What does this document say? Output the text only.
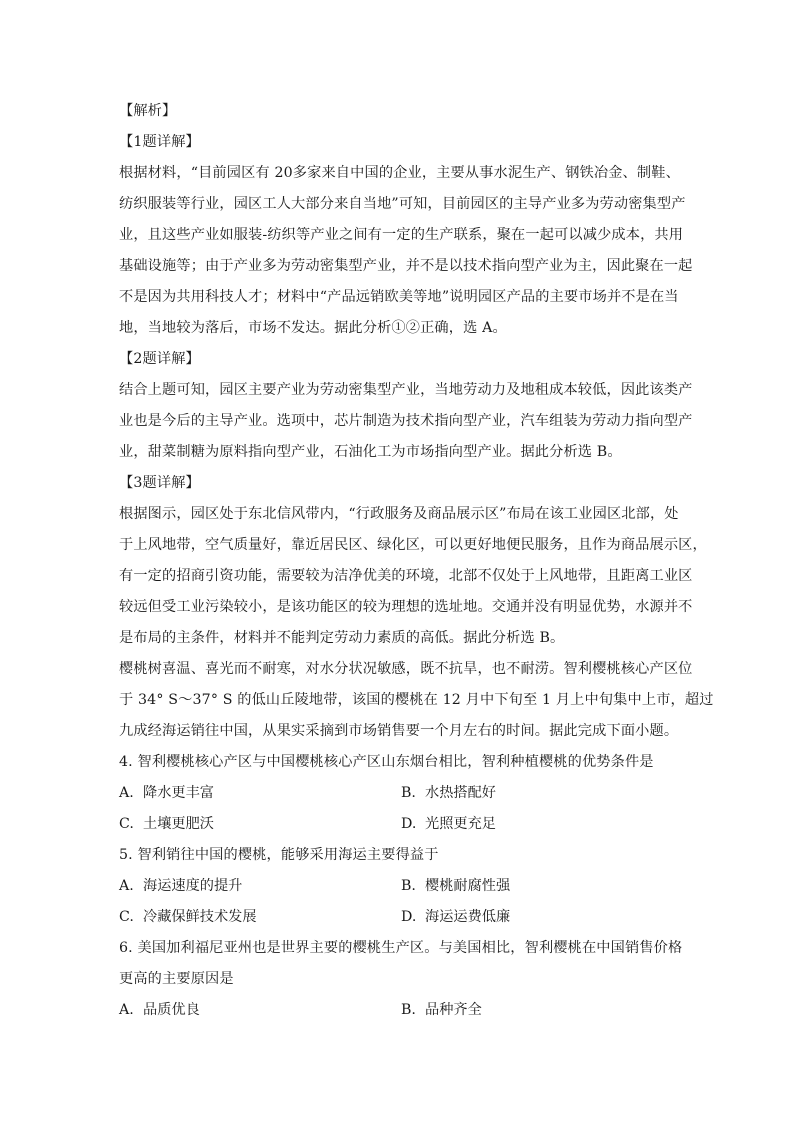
【解析】
【1题详解】
根据材料，“目前园区有 20多家来自中国的企业，主要从事水泥生产、钢铁冶金、制鞋、
纺织服装等行业，园区工人大部分来自当地”可知，目前园区的主导产业多为劳动密集型产
业，且这些产业如服装-纺织等产业之间有一定的生产联系，聚在一起可以减少成本，共用
基础设施等；由于产业多为劳动密集型产业，并不是以技术指向型产业为主，因此聚在一起
不是因为共用科技人才；材料中“产品远销欧美等地”说明园区产品的主要市场并不是在当
地，当地较为落后，市场不发达。据此分析①②正确，选 A。
【2题详解】
结合上题可知，园区主要产业为劳动密集型产业，当地劳动力及地租成本较低，因此该类产
业也是今后的主导产业。选项中，芯片制造为技术指向型产业，汽车组装为劳动力指向型产
业，甜菜制糖为原料指向型产业，石油化工为市场指向型产业。据此分析选 B。
【3题详解】
根据图示，园区处于东北信风带内，“行政服务及商品展示区”布局在该工业园区北部，处
于上风地带，空气质量好，靠近居民区、绿化区，可以更好地便民服务，且作为商品展示区，
有一定的招商引资功能，需要较为洁净优美的环境，北部不仅处于上风地带，且距离工业区
较远但受工业污染较小，是该功能区的较为理想的选址地。交通并没有明显优势，水源并不
是布局的主条件，材料并不能判定劳动力素质的高低。据此分析选 B。
樱桃树喜温、喜光而不耐寒，对水分状况敏感，既不抗旱，也不耐涝。智利樱桃核心产区位
于 34° S～37° S 的低山丘陵地带，该国的樱桃在 12 月中下旬至 1 月上中旬集中上市，超过
九成经海运销往中国，从果实采摘到市场销售要一个月左右的时间。据此完成下面小题。
4. 智利樱桃核心产区与中国樱桃核心产区山东烟台相比，智利种植樱桃的优势条件是
A. 降水更丰富	B. 水热搭配好
C. 土壤更肥沃	D. 光照更充足
5. 智利销往中国的樱桃，能够采用海运主要得益于
A. 海运速度的提升	B. 樱桃耐腐性强
C. 冷藏保鲜技术发展	D. 海运运费低廉
6. 美国加利福尼亚州也是世界主要的樱桃生产区。与美国相比，智利樱桃在中国销售价格
更高的主要原因是
A. 品质优良	B. 品种齐全
